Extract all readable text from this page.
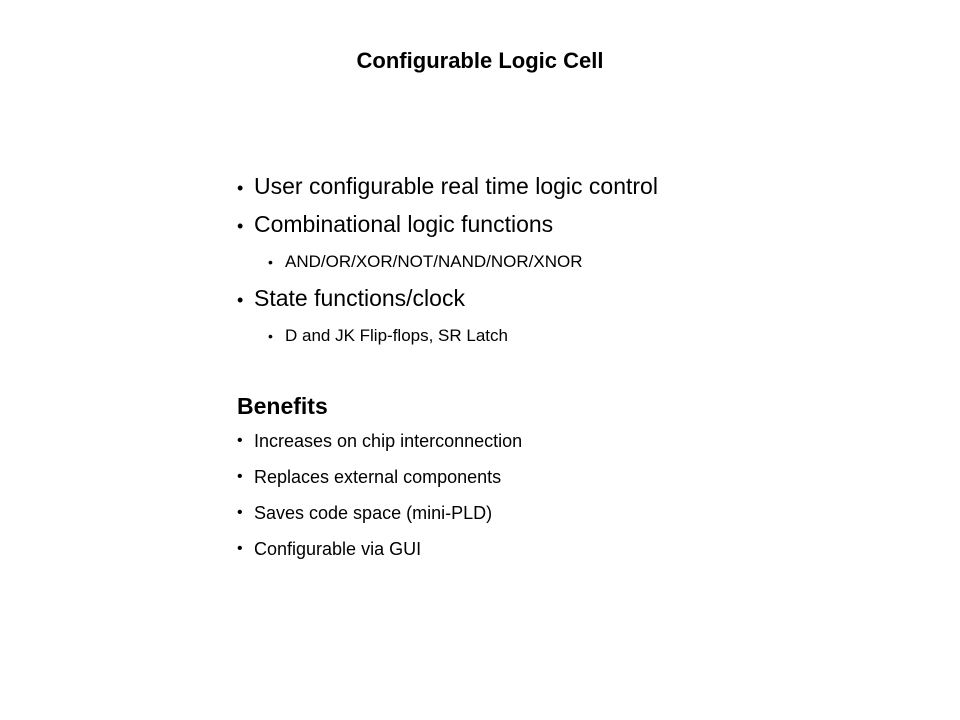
Configurable Logic Cell
• User configurable real time logic control
• Combinational logic functions
• AND/OR/XOR/NOT/NAND/NOR/XNOR
• State functions/clock
• D and JK Flip-flops, SR Latch
Benefits
• Increases on chip interconnection
• Replaces external components
• Saves code space (mini-PLD)
• Configurable via GUI
